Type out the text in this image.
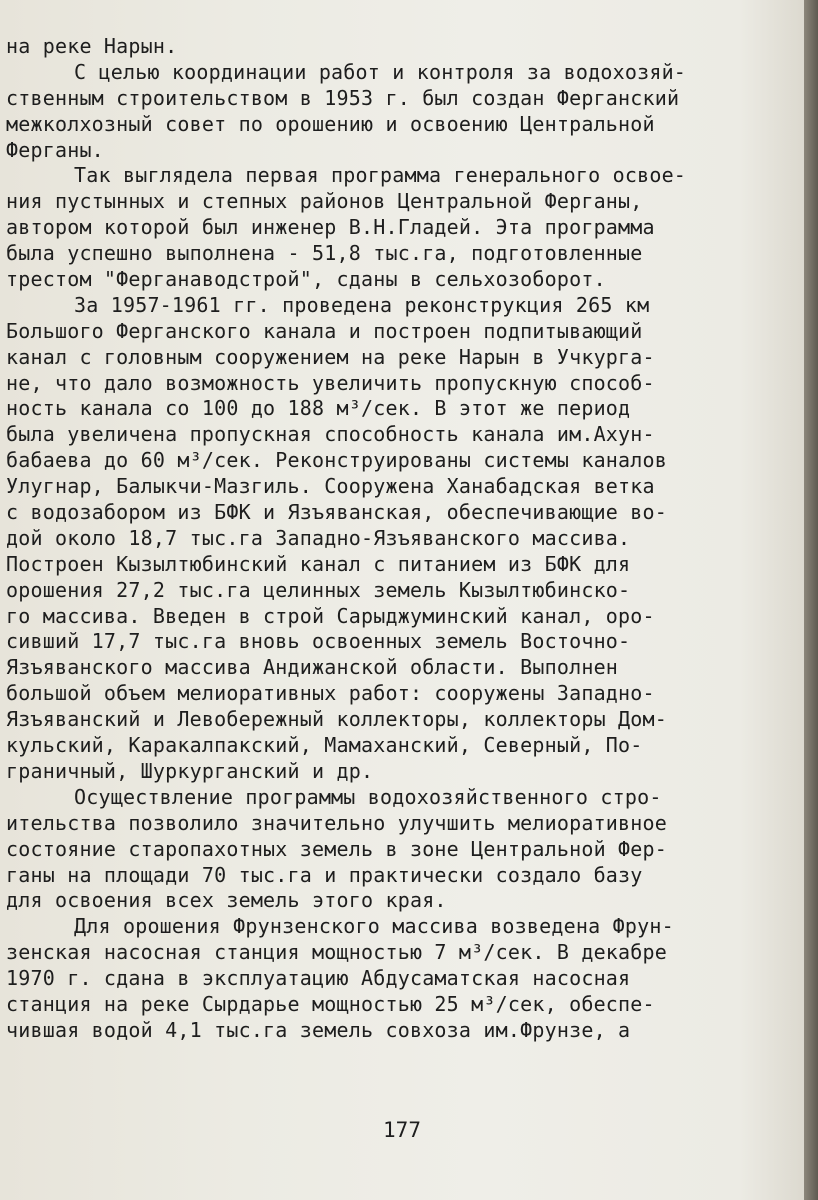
на реке Нарын.
С целью координации работ и контроля за водохозяй-
ственным строительством в 1953 г. был создан Ферганский
межколхозный совет по орошению и освоению Центральной
Ферганы.
Так выглядела первая программа генерального освое-
ния пустынных и степных районов Центральной Ферганы,
автором которой был инженер В.Н.Гладей. Эта программа
была успешно выполнена - 51,8 тыс.га, подготовленные
трестом "Ферганаводстрой", сданы в сельхозоборот.
За 1957-1961 гг. проведена реконструкция 265 км
Большого Ферганского канала и построен подпитывающий
канал с головным сооружением на реке Нарын в Учкурга-
не, что дало возможность увеличить пропускную способ-
ность канала со 100 до 188 м³/сек. В этот же период
была увеличена пропускная способность канала им.Ахун-
бабаева до 60 м³/сек. Реконструированы системы каналов
Улугнар, Балыкчи-Мазгиль. Сооружена Ханабадская ветка
с водозабором из БФК и Язъяванская, обеспечивающие во-
дой около 18,7 тыс.га Западно-Язъяванского массива.
Построен Кызылтюбинский канал с питанием из БФК для
орошения 27,2 тыс.га целинных земель Кызылтюбинско-
го массива. Введен в строй Сарыджуминский канал, оро-
сивший 17,7 тыс.га вновь освоенных земель Восточно-
Язъяванского массива Андижанской области. Выполнен
большой объем мелиоративных работ: сооружены Западно-
Язъяванский и Левобережный коллекторы, коллекторы Дом-
кульский, Каракалпакский, Мамаханский, Северный, По-
граничный, Шуркурганский и др.
Осуществление программы водохозяйственного стро-
ительства позволило значительно улучшить мелиоративное
состояние старопахотных земель в зоне Центральной Фер-
ганы на площади 70 тыс.га и практически создало базу
для освоения всех земель этого края.
Для орошения Фрунзенского массива возведена Фрун-
зенская насосная станция мощностью 7 м³/сек. В декабре
1970 г. сдана в эксплуатацию Абдусаматская насосная
станция на реке Сырдарье мощностью 25 м³/сек, обеспе-
чившая водой 4,1 тыс.га земель совхоза им.Фрунзе, а
177
